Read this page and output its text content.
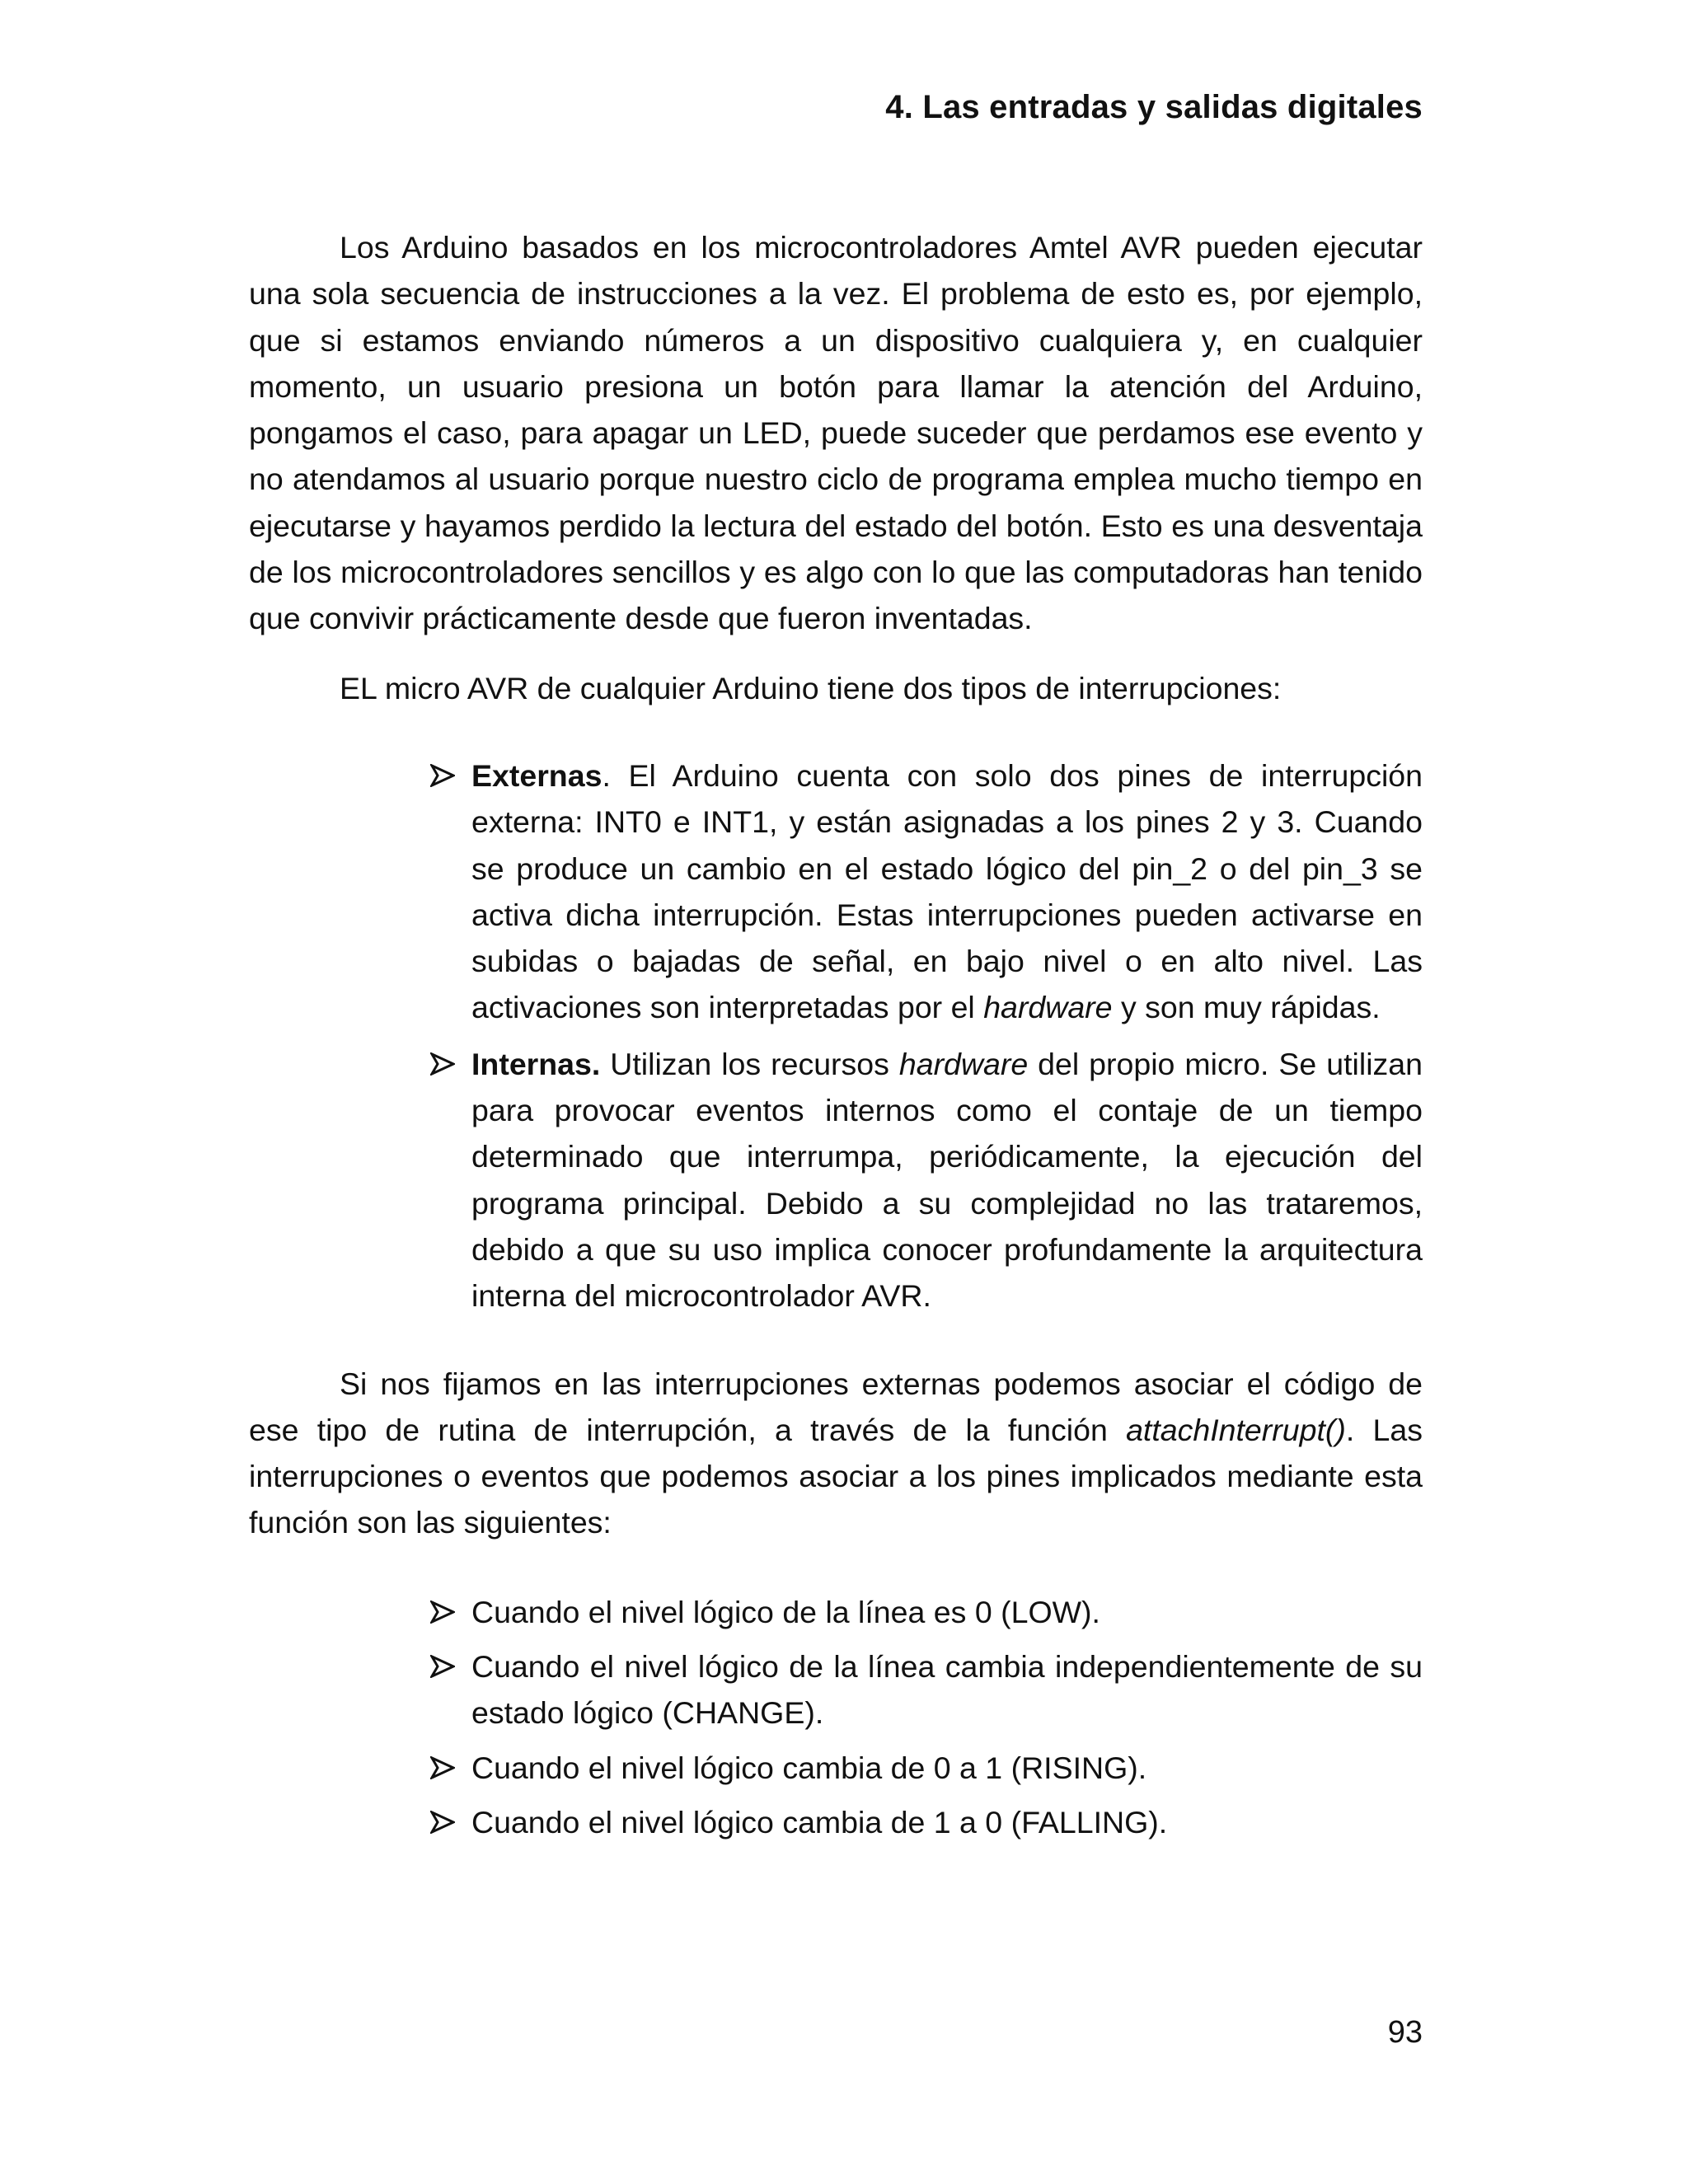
4. Las entradas y salidas digitales

Los Arduino basados en los microcontroladores Amtel AVR pueden ejecutar una sola secuencia de instrucciones a la vez. El problema de esto es, por ejemplo, que si estamos enviando números a un dispositivo cualquiera y, en cualquier momento, un usuario presiona un botón para llamar la atención del Arduino, pongamos el caso, para apagar un LED, puede suceder que perdamos ese evento y no atendamos al usuario porque nuestro ciclo de programa emplea mucho tiempo en ejecutarse y hayamos perdido la lectura del estado del botón. Esto es una desventaja de los microcontroladores sencillos y es algo con lo que las computadoras han tenido que convivir prácticamente desde que fueron inventadas.

EL micro AVR de cualquier Arduino tiene dos tipos de interrupciones:

Externas. El Arduino cuenta con solo dos pines de interrupción externa: INT0 e INT1, y están asignadas a los pines 2 y 3. Cuando se produce un cambio en el estado lógico del pin_2 o del pin_3 se activa dicha interrupción. Estas interrupciones pueden activarse en subidas o bajadas de señal, en bajo nivel o en alto nivel. Las activaciones son interpretadas por el hardware y son muy rápidas.
Internas. Utilizan los recursos hardware del propio micro. Se utilizan para provocar eventos internos como el contaje de un tiempo determinado que interrumpa, periódicamente, la ejecución del programa principal. Debido a su complejidad no las trataremos, debido a que su uso implica conocer profundamente la arquitectura interna del microcontrolador AVR.

Si nos fijamos en las interrupciones externas podemos asociar el código de ese tipo de rutina de interrupción, a través de la función attachInterrupt(). Las interrupciones o eventos que podemos asociar a los pines implicados mediante esta función son las siguientes:

Cuando el nivel lógico de la línea es 0 (LOW).
Cuando el nivel lógico de la línea cambia independientemente de su estado lógico (CHANGE).
Cuando el nivel lógico cambia de 0 a 1 (RISING).
Cuando el nivel lógico cambia de 1 a 0 (FALLING).
93
